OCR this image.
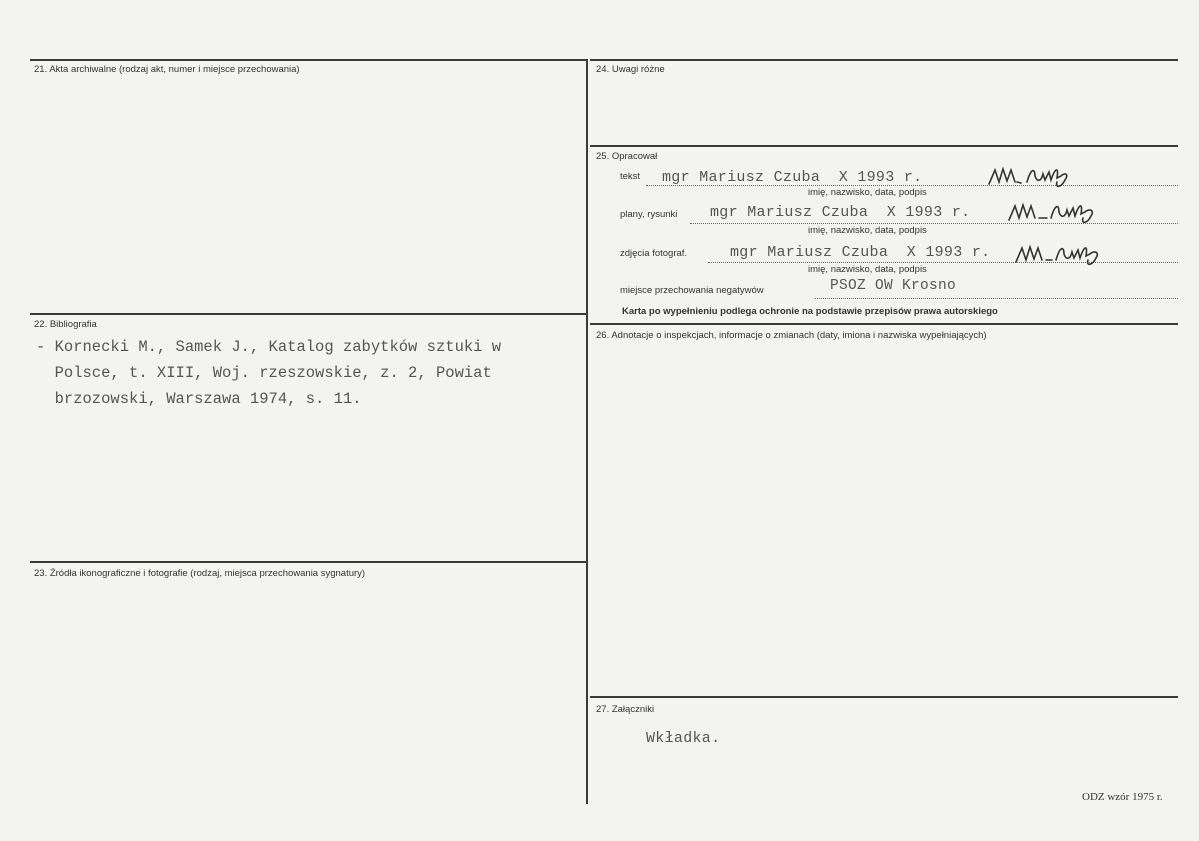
21. Akta archiwalne (rodzaj akt, numer i miejsce przechowania)
22. Bibliografia
- Kornecki M., Samek J., Katalog zabytków sztuki w
Polsce, t. XIII, Woj. rzeszowskie, z. 2, Powiat
brzozowski, Warszawa 1974, s. 11.
23. Źródła ikonograficzne i fotografie (rodzaj, miejsca przechowania sygnatury)
24. Uwagi różne
25. Opracował
tekst mgr Mariusz Czuba  X 1993 r.
imię, nazwisko, data, podpis
plany, rysunki mgr Mariusz Czuba  X 1993 r.
imię, nazwisko, data, podpis
zdjęcia fotograf.	mgr Mariusz Czuba  X 1993 r.
imię, nazwisko, data, podpis
miejsce przechowania negatywów	PSOZ OW Krosno
Karta po wypełnieniu podlega ochronie na podstawie przepisów prawa autorskiego
26. Adnotacje o inspekcjach, informacje o zmianach (daty, imiona i nazwiska wypełniających)
27. Załączniki
Wkładka.
ODZ wzór 1975 r.
